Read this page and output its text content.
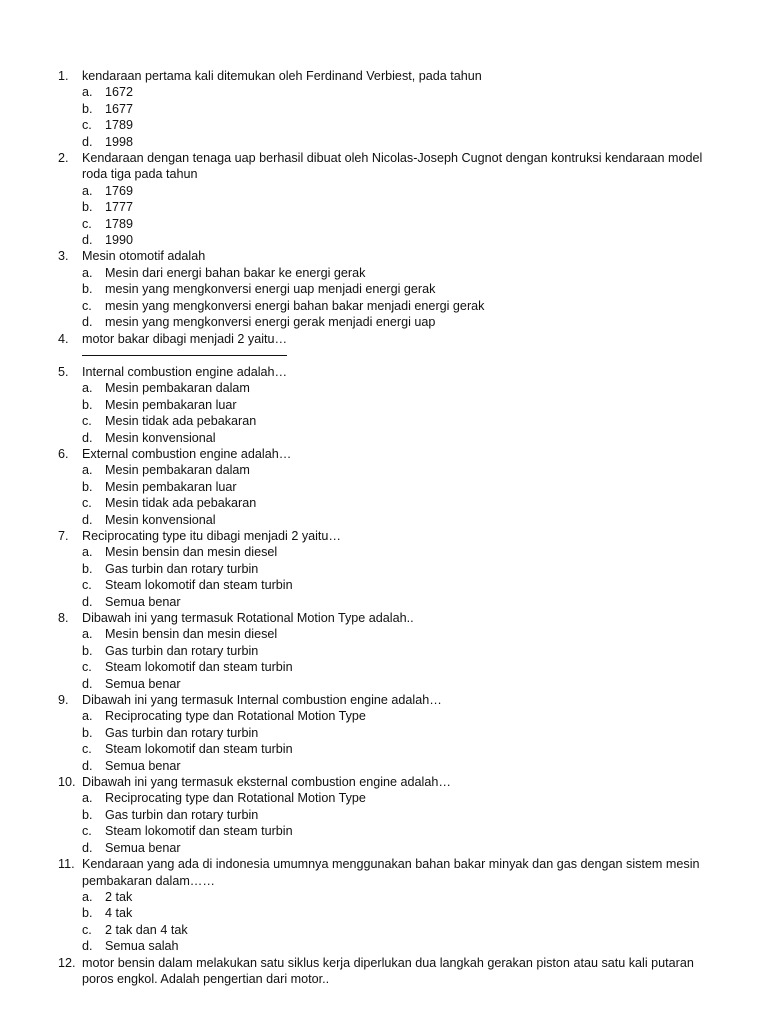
1.	kendaraan pertama kali ditemukan oleh Ferdinand Verbiest, pada tahun
a. 1672
b. 1677
c.	1789
d. 1998
2.	Kendaraan dengan tenaga uap berhasil dibuat oleh Nicolas-Joseph Cugnot dengan kontruksi kendaraan model roda tiga pada tahun
a. 1769
b. 1777
c.	1789
d. 1990
3.	Mesin otomotif adalah
a. Mesin dari energi bahan bakar ke energi gerak
b. mesin yang mengkonversi energi uap menjadi energi gerak
c.	mesin yang mengkonversi energi bahan bakar menjadi energi gerak
d. mesin yang mengkonversi energi gerak menjadi energi uap
4.	motor bakar dibagi menjadi 2 yaitu…
5.	Internal combustion engine adalah…
a. Mesin pembakaran dalam
b. Mesin pembakaran luar
c.	Mesin tidak ada pebakaran
d. Mesin konvensional
6.	External combustion engine adalah…
a. Mesin pembakaran dalam
b. Mesin pembakaran luar
c.	Mesin tidak ada pebakaran
d. Mesin konvensional
7.	Reciprocating type itu dibagi menjadi 2 yaitu…
a. Mesin bensin dan mesin diesel
b. Gas turbin dan rotary turbin
c.	Steam lokomotif dan steam turbin
d. Semua benar
8.	Dibawah ini yang termasuk Rotational Motion Type adalah..
a. Mesin bensin dan mesin diesel
b. Gas turbin dan rotary turbin
c.	Steam lokomotif dan steam turbin
d. Semua benar
9.	Dibawah ini yang termasuk Internal combustion engine adalah…
a. Reciprocating type dan Rotational Motion Type
b. Gas turbin dan rotary turbin
c.	Steam lokomotif dan steam turbin
d. Semua benar
10. Dibawah ini yang termasuk eksternal combustion engine adalah…
a. Reciprocating type dan Rotational Motion Type
b. Gas turbin dan rotary turbin
c.	Steam lokomotif dan steam turbin
d. Semua benar
11. Kendaraan yang ada di indonesia umumnya menggunakan bahan bakar minyak dan gas dengan sistem mesin pembakaran dalam……
a. 2 tak
b. 4 tak
c.	2 tak dan 4 tak
d. Semua salah
12. motor bensin dalam melakukan satu siklus kerja diperlukan dua langkah gerakan piston atau satu kali putaran poros engkol. Adalah pengertian dari motor..
